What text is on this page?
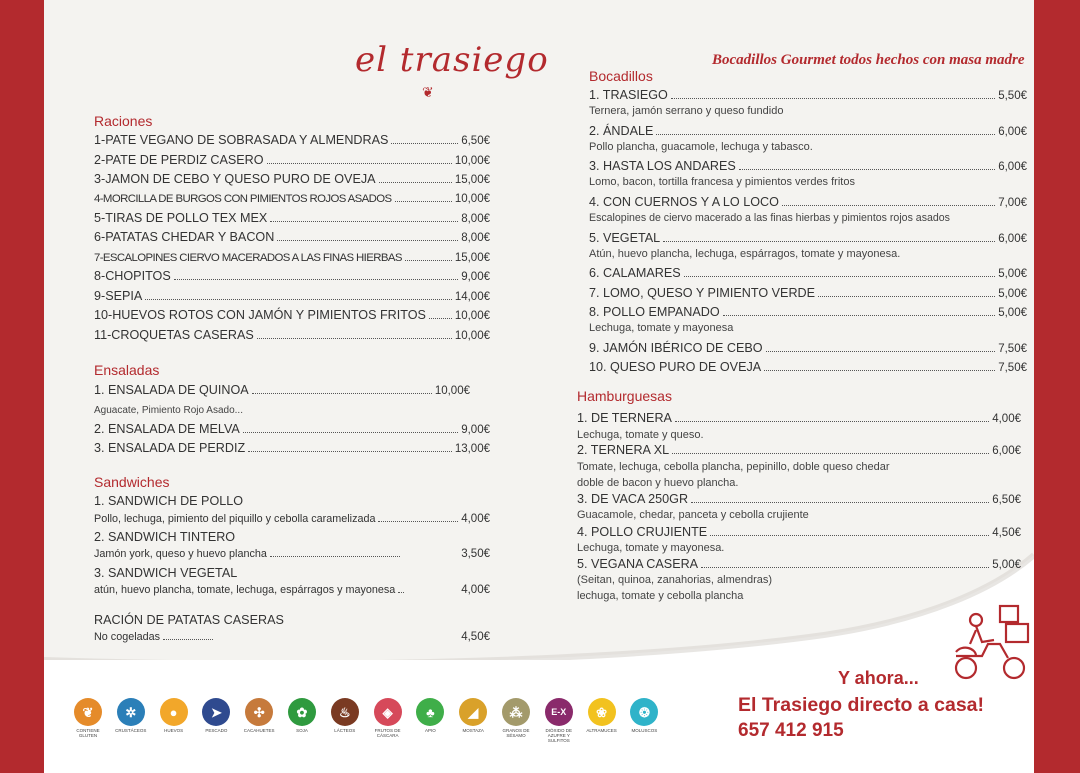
el trasiego
❦
Bocadillos Gourmet todos hechos con masa madre
Raciones
1-PATE VEGANO DE SOBRASADA Y ALMENDRAS	6,50€
2-PATE DE PERDIZ CASERO	10,00€
3-JAMON DE CEBO Y QUESO PURO DE OVEJA	15,00€
4-MORCILLA DE BURGOS CON PIMIENTOS ROJOS ASADOS	10,00€
5-TIRAS DE POLLO TEX MEX	8,00€
6-PATATAS CHEDAR Y BACON	8,00€
7-ESCALOPINES CIERVO MACERADOS A LAS FINAS HIERBAS	15,00€
8-CHOPITOS	9,00€
9-SEPIA	14,00€
10-HUEVOS ROTOS CON JAMÓN Y PIMIENTOS FRITOS	10,00€
11-CROQUETAS CASERAS	10,00€
Ensaladas
1. ENSALADA DE QUINOA	10,00€
Aguacate, Pimiento Rojo Asado...
2. ENSALADA DE MELVA	9,00€
3. ENSALADA DE PERDIZ	13,00€
Sandwiches
1. SANDWICH DE POLLO
Pollo, lechuga, pimiento del piquillo y cebolla caramelizada	4,00€
2. SANDWICH TINTERO
Jamón york, queso y huevo plancha	3,50€
3. SANDWICH VEGETAL
atún, huevo plancha, tomate, lechuga, espárragos y mayonesa	4,00€
RACIÓN DE PATATAS CASERAS
No cogeladas	4,50€
Bocadillos
1. TRASIEGO	5,50€
Ternera, jamón serrano y queso fundido
2. ÁNDALE	6,00€
Pollo plancha, guacamole, lechuga y tabasco.
3. HASTA LOS ANDARES	6,00€
Lomo, bacon, tortilla francesa y pimientos verdes fritos
4. CON CUERNOS Y A LO LOCO	7,00€
Escalopines de ciervo macerado a las finas hierbas y pimientos rojos asados
5. VEGETAL	6,00€
Atún, huevo plancha, lechuga, espárragos, tomate y mayonesa.
6. CALAMARES	5,00€
7. LOMO, QUESO Y PIMIENTO VERDE	5,00€
8. POLLO EMPANADO	5,00€
Lechuga, tomate y mayonesa
9. JAMÓN IBÉRICO DE CEBO	7,50€
10. QUESO PURO DE OVEJA	7,50€
Hamburguesas
1. DE TERNERA	4,00€
Lechuga, tomate y queso.
2. TERNERA XL	6,00€
Tomate, lechuga, cebolla plancha, pepinillo, doble queso chedar
doble de bacon y huevo plancha.
3. DE VACA 250GR	6,50€
Guacamole, chedar, panceta y cebolla crujiente
4. POLLO CRUJIENTE	4,50€
Lechuga, tomate y mayonesa.
5. VEGANA CASERA	5,00€
(Seitan, quinoa, zanahorias, almendras)
lechuga, tomate y cebolla plancha
Y ahora...
El Trasiego directo a casa!
657 412 915
❦
CONTIENE GLUTEN
✲
CRUSTÁCEOS
●
HUEVOS
➤
PESCADO
✣
CACAHUETES
✿
SOJA
♨
LÁCTEOS
◈
FRUTOS DE CÁSCARA
♣
APIO
◢
MOSTAZA
⁂
GRANOS DE SÉSAMO
E-X
DIÓXIDO DE AZUFRE Y SULFITOS
❀
ALTRAMUCES
❂
MOLUSCOS
